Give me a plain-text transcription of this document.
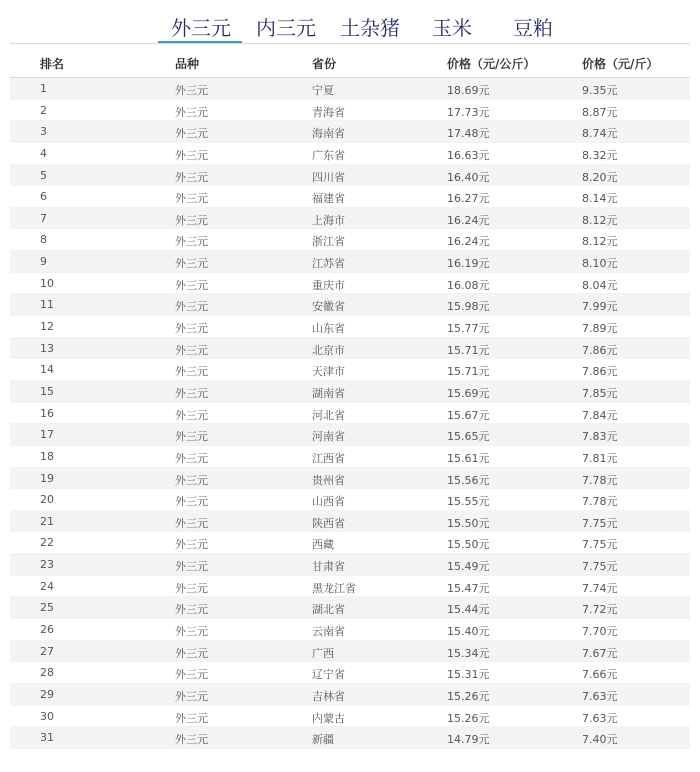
外三元 内三元 土杂猪 玉米 豆粕
排名	品种	省份	价格（元/公斤）	价格（元/斤）
1	外三元	宁夏	18.69元	9.35元
2	外三元	青海省	17.73元	8.87元
3	外三元	海南省	17.48元	8.74元
4	外三元	广东省	16.63元	8.32元
5	外三元	四川省	16.40元	8.20元
6	外三元	福建省	16.27元	8.14元
7	外三元	上海市	16.24元	8.12元
8	外三元	浙江省	16.24元	8.12元
9	外三元	江苏省	16.19元	8.10元
10	外三元	重庆市	16.08元	8.04元
11	外三元	安徽省	15.98元	7.99元
12	外三元	山东省	15.77元	7.89元
13	外三元	北京市	15.71元	7.86元
14	外三元	天津市	15.71元	7.86元
15	外三元	湖南省	15.69元	7.85元
16	外三元	河北省	15.67元	7.84元
17	外三元	河南省	15.65元	7.83元
18	外三元	江西省	15.61元	7.81元
19	外三元	贵州省	15.56元	7.78元
20	外三元	山西省	15.55元	7.78元
21	外三元	陕西省	15.50元	7.75元
22	外三元	西藏	15.50元	7.75元
23	外三元	甘肃省	15.49元	7.75元
24	外三元	黑龙江省	15.47元	7.74元
25	外三元	湖北省	15.44元	7.72元
26	外三元	云南省	15.40元	7.70元
27	外三元	广西	15.34元	7.67元
28	外三元	辽宁省	15.31元	7.66元
29	外三元	吉林省	15.26元	7.63元
30	外三元	内蒙古	15.26元	7.63元
31	外三元	新疆	14.79元	7.40元
